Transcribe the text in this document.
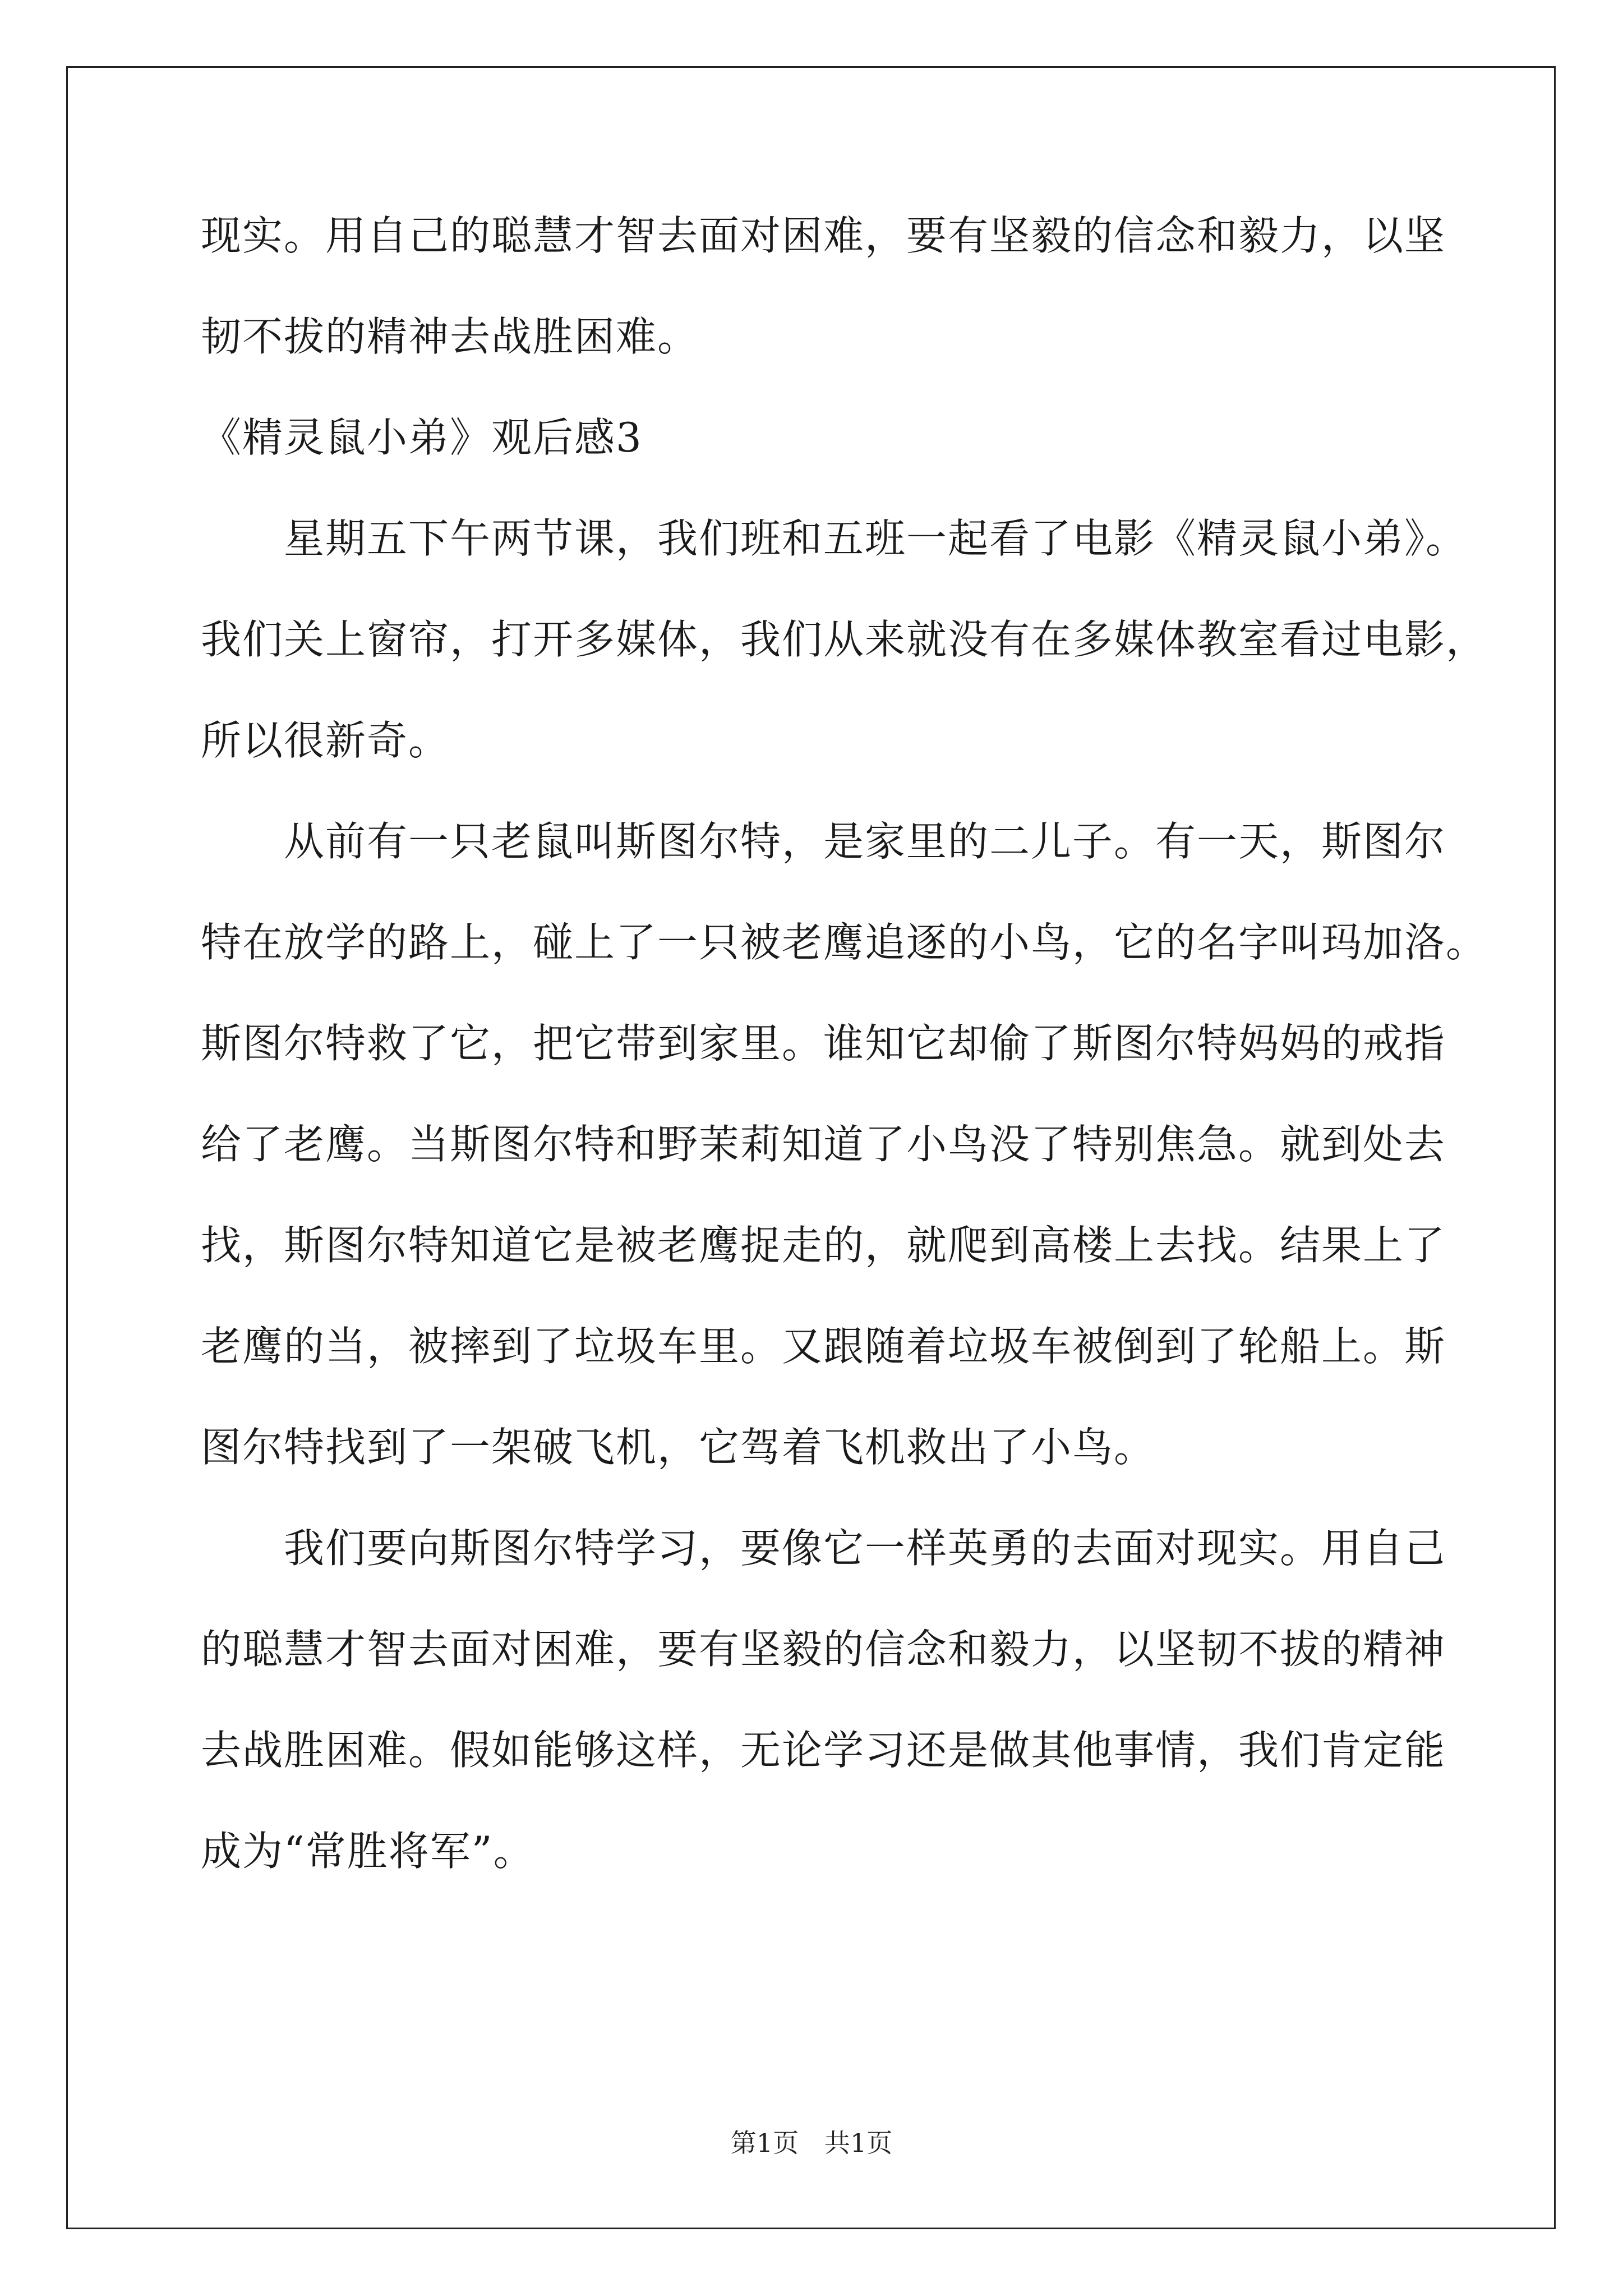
现实。用自己的聪慧才智去面对困难，要有坚毅的信念和毅力，以坚
韧不拔的精神去战胜困难。
《精灵鼠小弟》观后感3
星期五下午两节课，我们班和五班一起看了电影《精灵鼠小弟》。
我们关上窗帘，打开多媒体，我们从来就没有在多媒体教室看过电影，
所以很新奇。
从前有一只老鼠叫斯图尔特，是家里的二儿子。有一天，斯图尔
特在放学的路上，碰上了一只被老鹰追逐的小鸟，它的名字叫玛加洛。
斯图尔特救了它，把它带到家里。谁知它却偷了斯图尔特妈妈的戒指
给了老鹰。当斯图尔特和野茉莉知道了小鸟没了特别焦急。就到处去
找，斯图尔特知道它是被老鹰捉走的，就爬到高楼上去找。结果上了
老鹰的当，被摔到了垃圾车里。又跟随着垃圾车被倒到了轮船上。斯
图尔特找到了一架破飞机，它驾着飞机救出了小鸟。
我们要向斯图尔特学习，要像它一样英勇的去面对现实。用自己
的聪慧才智去面对困难，要有坚毅的信念和毅力，以坚韧不拔的精神
去战胜困难。假如能够这样，无论学习还是做其他事情，我们肯定能
成为“常胜将军”。
第1页　共1页
